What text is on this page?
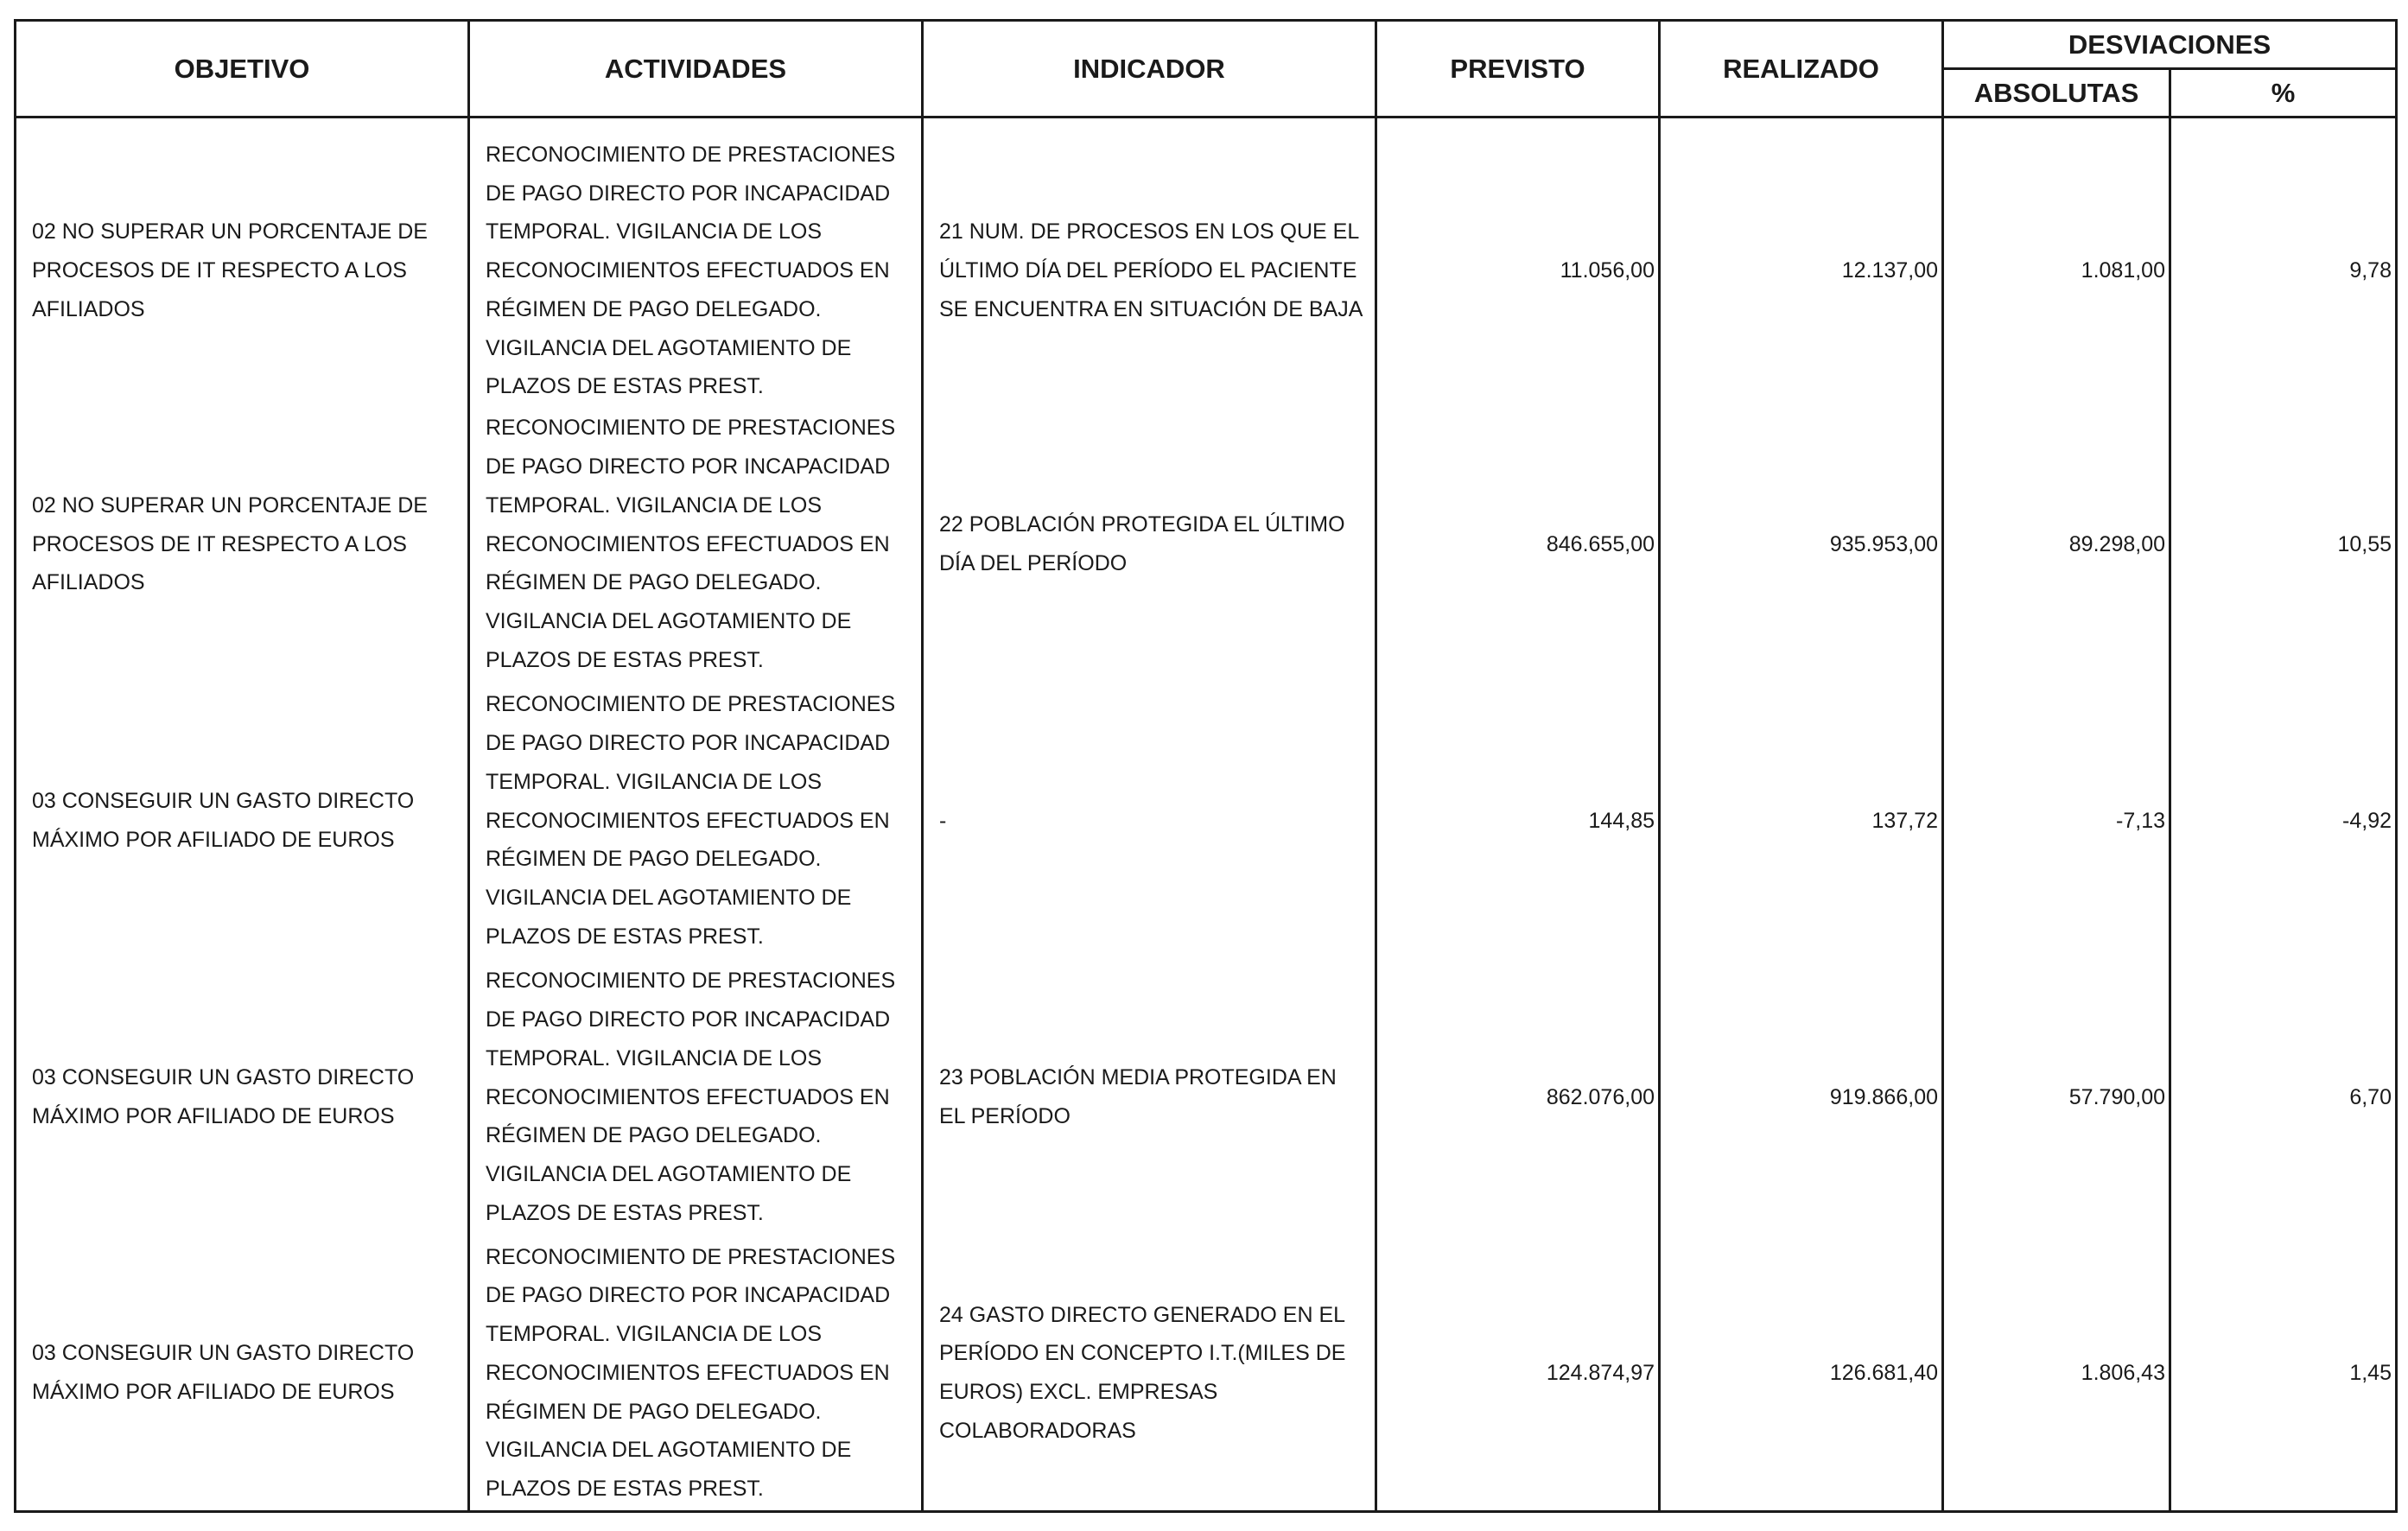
OBJETIVO	ACTIVIDADES	INDICADOR	PREVISTO	REALIZADO	DESVIACIONES	
					ABSOLUTAS	%
02 NO SUPERAR UN PORCENTAJE DE PROCESOS DE IT RESPECTO A LOS AFILIADOS	RECONOCIMIENTO DE PRESTACIONES DE PAGO DIRECTO POR INCAPACIDAD TEMPORAL. VIGILANCIA DE LOS RECONOCIMIENTOS EFECTUADOS EN RÉGIMEN DE PAGO DELEGADO. VIGILANCIA DEL AGOTAMIENTO DE PLAZOS DE ESTAS PREST.	21 NUM. DE PROCESOS EN LOS QUE EL ÚLTIMO DÍA DEL PERÍODO EL PACIENTE SE ENCUENTRA EN SITUACIÓN DE BAJA	11.056,00	12.137,00	1.081,00	9,78
02 NO SUPERAR UN PORCENTAJE DE PROCESOS DE IT RESPECTO A LOS AFILIADOS	RECONOCIMIENTO DE PRESTACIONES DE PAGO DIRECTO POR INCAPACIDAD TEMPORAL. VIGILANCIA DE LOS RECONOCIMIENTOS EFECTUADOS EN RÉGIMEN DE PAGO DELEGADO. VIGILANCIA DEL AGOTAMIENTO DE PLAZOS DE ESTAS PREST.	22 POBLACIÓN PROTEGIDA EL ÚLTIMO DÍA DEL PERÍODO	846.655,00	935.953,00	89.298,00	10,55
03 CONSEGUIR UN GASTO DIRECTO MÁXIMO POR AFILIADO DE EUROS	RECONOCIMIENTO DE PRESTACIONES DE PAGO DIRECTO POR INCAPACIDAD TEMPORAL. VIGILANCIA DE LOS RECONOCIMIENTOS EFECTUADOS EN RÉGIMEN DE PAGO DELEGADO. VIGILANCIA DEL AGOTAMIENTO DE PLAZOS DE ESTAS PREST.	-	144,85	137,72	-7,13	-4,92
03 CONSEGUIR UN GASTO DIRECTO MÁXIMO POR AFILIADO DE EUROS	RECONOCIMIENTO DE PRESTACIONES DE PAGO DIRECTO POR INCAPACIDAD TEMPORAL. VIGILANCIA DE LOS RECONOCIMIENTOS EFECTUADOS EN RÉGIMEN DE PAGO DELEGADO. VIGILANCIA DEL AGOTAMIENTO DE PLAZOS DE ESTAS PREST.	23 POBLACIÓN MEDIA PROTEGIDA EN EL PERÍODO	862.076,00	919.866,00	57.790,00	6,70
03 CONSEGUIR UN GASTO DIRECTO MÁXIMO POR AFILIADO DE EUROS	RECONOCIMIENTO DE PRESTACIONES DE PAGO DIRECTO POR INCAPACIDAD TEMPORAL. VIGILANCIA DE LOS RECONOCIMIENTOS EFECTUADOS EN RÉGIMEN DE PAGO DELEGADO. VIGILANCIA DEL AGOTAMIENTO DE PLAZOS DE ESTAS PREST.	24 GASTO DIRECTO GENERADO EN EL PERÍODO EN CONCEPTO I.T.(MILES DE EUROS) EXCL. EMPRESAS COLABORADORAS	124.874,97	126.681,40	1.806,43	1,45
